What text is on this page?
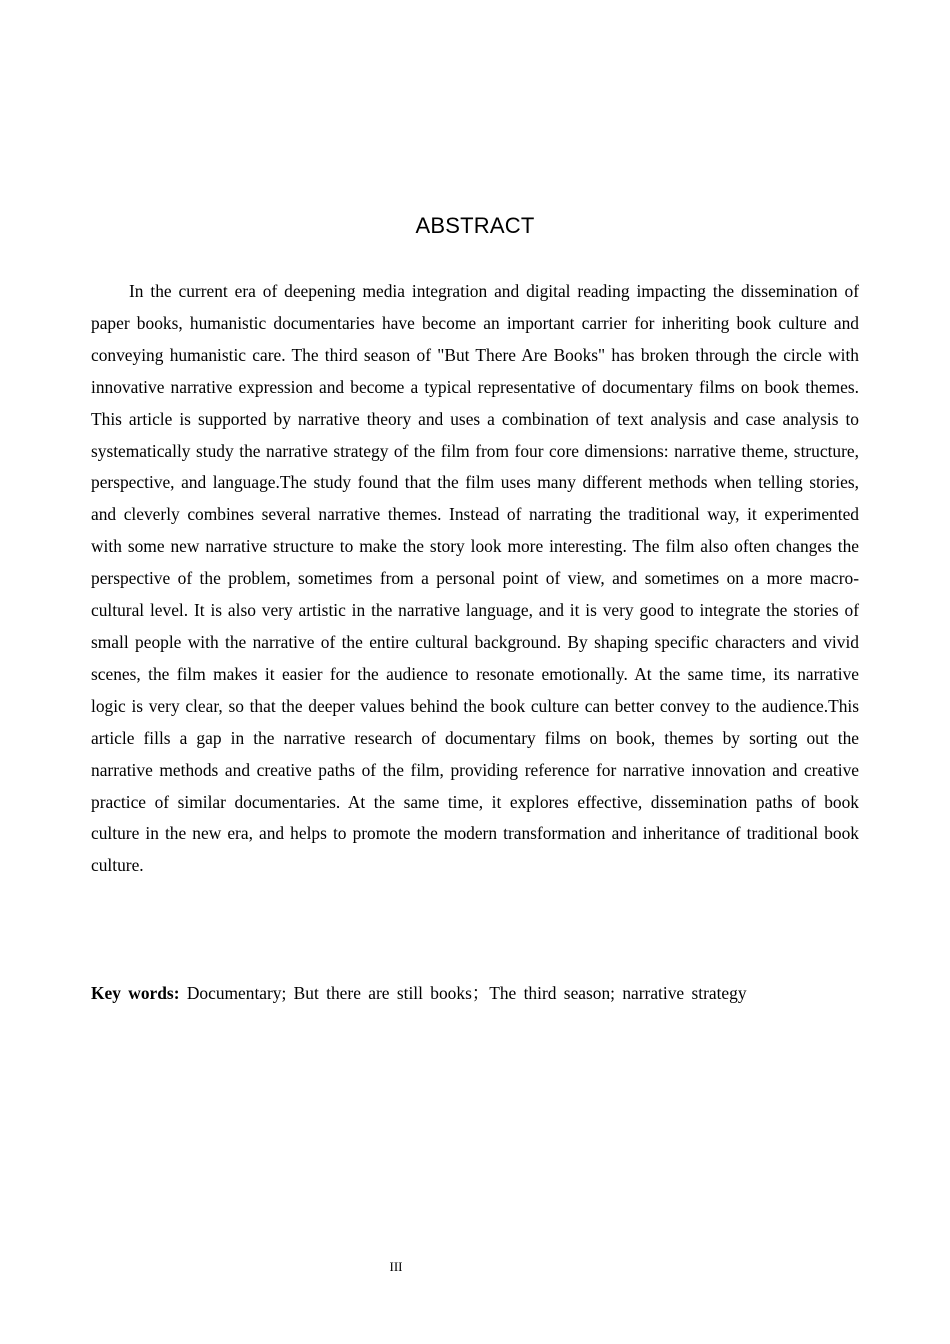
ABSTRACT

In the current era of deepening media integration and digital reading impacting the dissemination of paper books, humanistic documentaries have become an important carrier for inheriting book culture and conveying humanistic care. The third season of "But There Are Books" has broken through the circle with innovative narrative expression and become a typical representative of documentary films on book themes. This article is supported by narrative theory and uses a combination of text analysis and case analysis to systematically study the narrative strategy of the film from four core dimensions: narrative theme, structure, perspective, and language.The study found that the film uses many different methods when telling stories, and cleverly combines several narrative themes. Instead of narrating the traditional way, it experimented with some new narrative structure to make the story look more interesting. The film also often changes the perspective of the problem, sometimes from a personal point of view, and sometimes on a more macro-cultural level. It is also very artistic in the narrative language, and it is very good to integrate the stories of small people with the narrative of the entire cultural background. By shaping specific characters and vivid scenes, the film makes it easier for the audience to resonate emotionally. At the same time, its narrative logic is very clear, so that the deeper values behind the book culture can better convey to the audience.This article fills a gap in the narrative research of documentary films on book, themes by sorting out the narrative methods and creative paths of the film, providing reference for narrative innovation and creative practice of similar documentaries. At the same time, it explores effective, dissemination paths of book culture in the new era, and helps to promote the modern transformation and inheritance of traditional book culture.

Key words: Documentary; But there are still books；The third season; narrative strategy

III
